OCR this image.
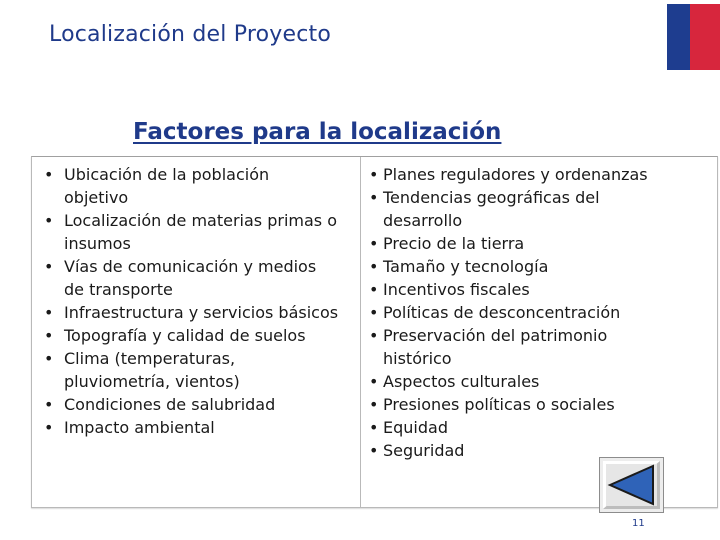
Localización del Proyecto
Factores para la localización
• Ubicación de la población
objetivo
• Localización de materias primas o
insumos
• Vías de comunicación y medios
de transporte
• Infraestructura y servicios básicos
• Topografía y calidad de suelos
• Clima (temperaturas,
pluviometría, vientos)
• Condiciones de salubridad
• Impacto ambiental
• Planes reguladores y ordenanzas
• Tendencias geográficas del
desarrollo
• Precio de la tierra
• Tamaño y tecnología
• Incentivos fiscales
• Políticas de desconcentración
• Preservación del patrimonio
histórico
• Aspectos culturales
• Presiones políticas o sociales
• Equidad
• Seguridad
11
